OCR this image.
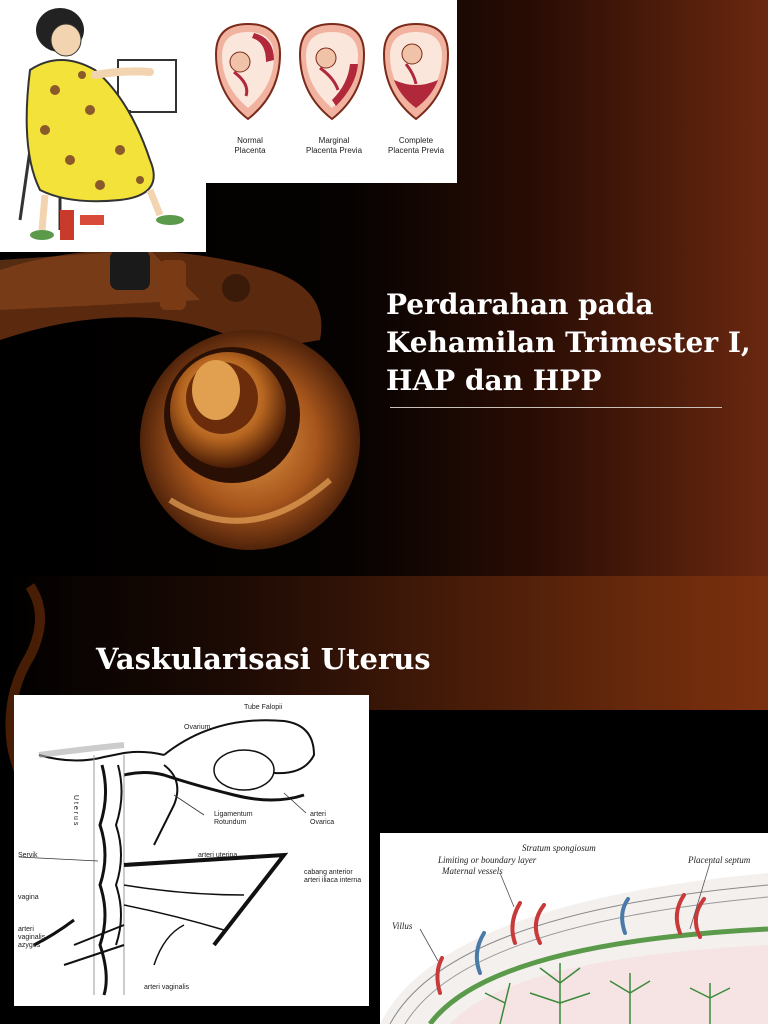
Normal
Placenta
Marginal
Placenta Previa
Complete
Placenta Previa
Perdarahan pada Kehamilan Trimester I, HAP dan HPP
Vaskularisasi Uterus
Tube Falopii
Ovarium
U t e r u s	Ligamentum
Rotundum
arteri
Ovarica
Servik	arteri uterina
cabang anterior
arteri iliaca interna
vagina
arteri
vaginalis
azygos
arteri vaginalis
Stratum spongiosum
Limiting or boundary layer
Maternal vessels
Placental septum
Villus
